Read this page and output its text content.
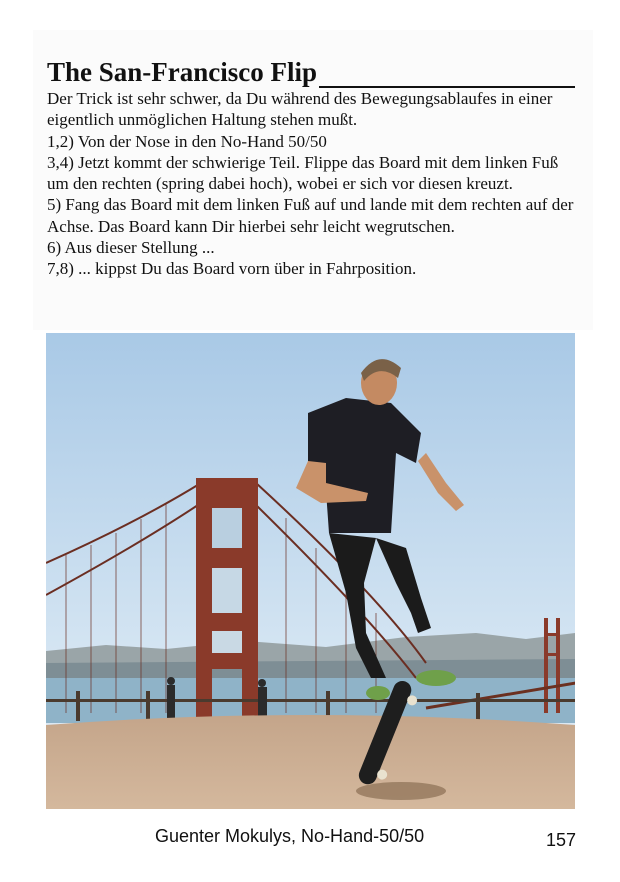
The San-Francisco Flip

Der Trick ist sehr schwer, da Du während des Bewegungsablaufes in einer eigentlich unmöglichen Haltung stehen mußt.

1,2) Von der Nose in den No-Hand 50/50

3,4) Jetzt kommt der schwierige Teil. Flippe das Board mit dem linken Fuß um den rechten (spring dabei hoch), wobei er sich vor diesen kreuzt.

5) Fang das Board mit dem linken Fuß auf und lande mit dem rechten auf der Achse. Das Board kann Dir hierbei sehr leicht wegrutschen.

6) Aus dieser Stellung ...

7,8) ... kippst Du das Board vorn über in Fahrposition.

Guenter Mokulys, No-Hand-50/50	157
